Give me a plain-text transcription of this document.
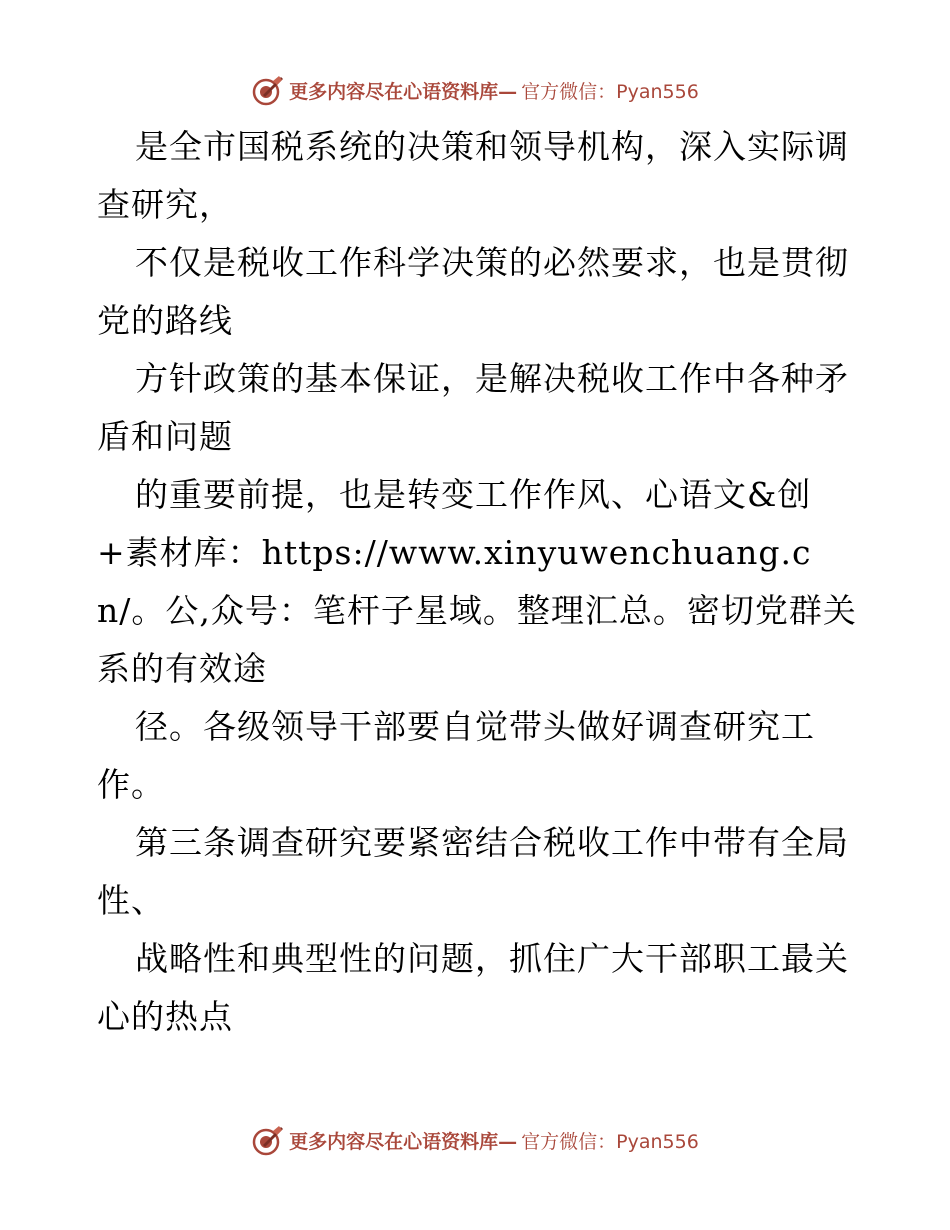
更多内容尽在心语资料库— 官方微信：Pyan556

是全市国税系统的决策和领导机构，深入实际调查研究，

不仅是税收工作科学决策的必然要求，也是贯彻党的路线

方针政策的基本保证，是解决税收工作中各种矛盾和问题

的重要前提，也是转变工作作风、心语文&创+素材库：https://www.xinyuwenchuang.cn/。公,众号：笔杆子星域。整理汇总。密切党群关系的有效途

径。各级领导干部要自觉带头做好调查研究工作。

第三条调查研究要紧密结合税收工作中带有全局性、

战略性和典型性的问题，抓住广大干部职工最关心的热点

更多内容尽在心语资料库— 官方微信：Pyan556
